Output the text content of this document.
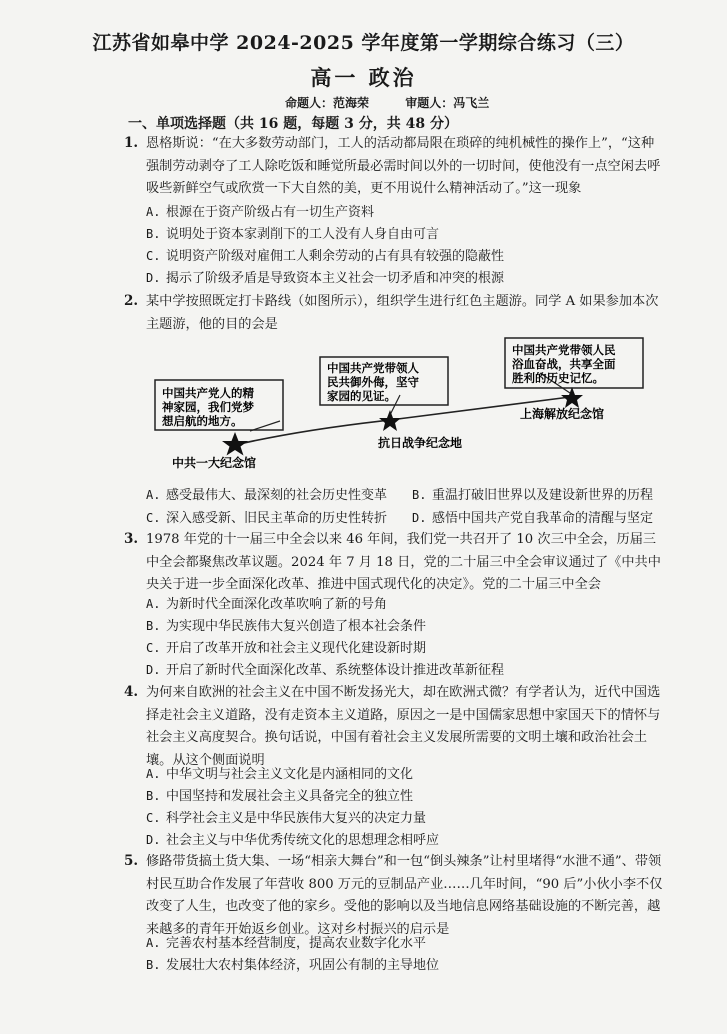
江苏省如皋中学 2024-2025 学年度第一学期综合练习（三）
高一 政治
命题人：范海荣	审题人：冯飞兰
一、单项选择题（共 16 题，每题 3 分，共 48 分）
1. 恩格斯说：“在大多数劳动部门，工人的活动都局限在琐碎的纯机械性的操作上”，“这种强制劳动剥夺了工人除吃饭和睡觉所最必需时间以外的一切时间，使他没有一点空闲去呼吸些新鲜空气或欣赏一下大自然的美，更不用说什么精神活动了。”这一现象
A. 根源在于资产阶级占有一切生产资料
B. 说明处于资本家剥削下的工人没有人身自由可言
C. 说明资产阶级对雇佣工人剩余劳动的占有具有较强的隐蔽性
D. 揭示了阶级矛盾是导致资本主义社会一切矛盾和冲突的根源
2. 某中学按照既定打卡路线（如图所示），组织学生进行红色主题游。同学 A 如果参加本次主题游，他的目的会是
中国共产党人的精
神家园，我们党梦
想启航的地方。
中国共产党带领人
民共御外侮，坚守
家园的见证。
中国共产党带领人民
浴血奋战，共享全面
胜利的历史记忆。
中共一大纪念馆
抗日战争纪念地
上海解放纪念馆
A. 感受最伟大、最深刻的社会历史性变革 B. 重温打破旧世界以及建设新世界的历程
C. 深入感受新、旧民主革命的历史性转折 D. 感悟中国共产党自我革命的清醒与坚定
3. 1978 年党的十一届三中全会以来 46 年间，我们党一共召开了 10 次三中全会，历届三中全会都聚焦改革议题。2024 年 7 月 18 日，党的二十届三中全会审议通过了《中共中央关于进一步全面深化改革、推进中国式现代化的决定》。党的二十届三中全会
A. 为新时代全面深化改革吹响了新的号角
B. 为实现中华民族伟大复兴创造了根本社会条件
C. 开启了改革开放和社会主义现代化建设新时期
D. 开启了新时代全面深化改革、系统整体设计推进改革新征程
4. 为何来自欧洲的社会主义在中国不断发扬光大，却在欧洲式微？有学者认为，近代中国选择走社会主义道路，没有走资本主义道路，原因之一是中国儒家思想中家国天下的情怀与社会主义高度契合。换句话说，中国有着社会主义发展所需要的文明土壤和政治社会土壤。从这个侧面说明
A. 中华文明与社会主义文化是内涵相同的文化
B. 中国坚持和发展社会主义具备完全的独立性
C. 科学社会主义是中华民族伟大复兴的决定力量
D. 社会主义与中华优秀传统文化的思想理念相呼应
5. 修路带货搞土货大集、一场“相亲大舞台”和一包“倒头辣条”让村里堵得“水泄不通”、带领村民互助合作发展了年营收 800 万元的豆制品产业……几年时间，“90 后”小伙小李不仅改变了人生，也改变了他的家乡。受他的影响以及当地信息网络基础设施的不断完善，越来越多的青年开始返乡创业。这对乡村振兴的启示是
A. 完善农村基本经营制度，提高农业数字化水平
B. 发展壮大农村集体经济，巩固公有制的主导地位
